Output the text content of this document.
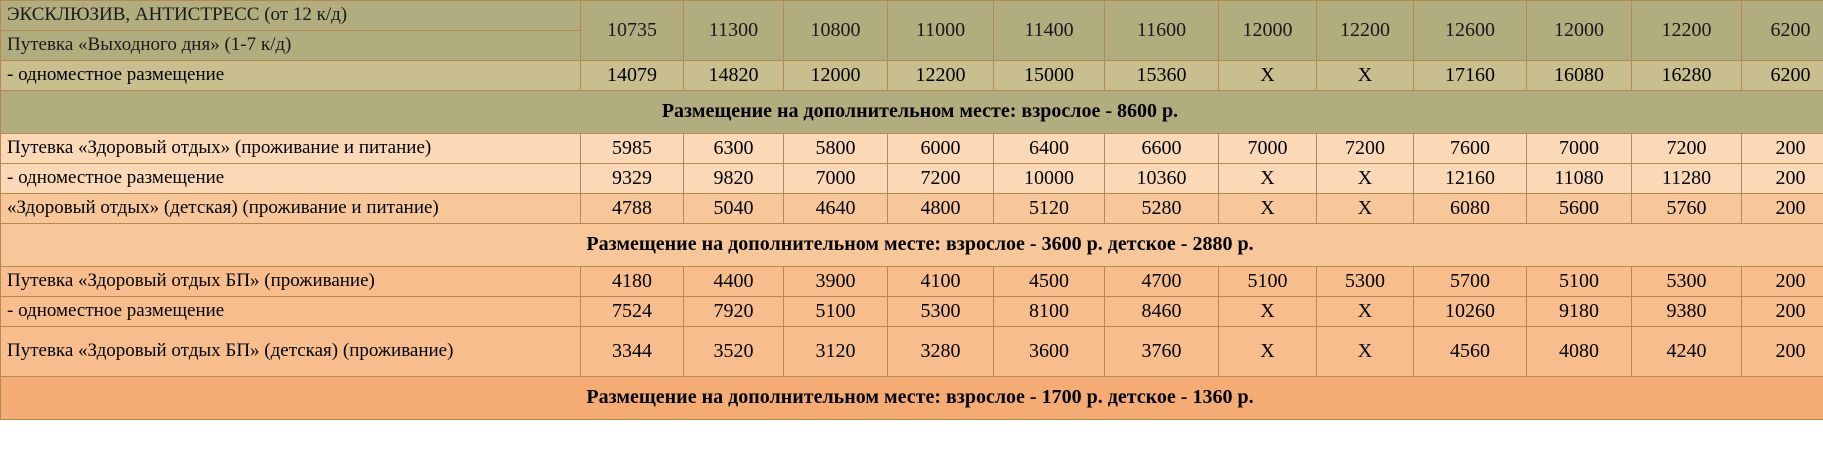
ЭКСКЛЮЗИВ, АНТИСТРЕСС (от 12 к/д)	10735	11300	10800	11000	11400	11600	12000	12200	12600	12000	12200	6200
Путевка «Выходного дня» (1-7 к/д)												
- одноместное размещение	14079	14820	12000	12200	15000	15360	X	X	17160	16080	16280	6200
Размещение на дополнительном месте: взрослое - 8600 р.												
Путевка «Здоровый отдых» (проживание и питание)	5985	6300	5800	6000	6400	6600	7000	7200	7600	7000	7200	200
- одноместное размещение	9329	9820	7000	7200	10000	10360	X	X	12160	11080	11280	200
«Здоровый отдых» (детская) (проживание и питание)	4788	5040	4640	4800	5120	5280	X	X	6080	5600	5760	200
Размещение на дополнительном месте: взрослое - 3600 р. детское - 2880 р.												
Путевка «Здоровый отдых БП» (проживание)	4180	4400	3900	4100	4500	4700	5100	5300	5700	5100	5300	200
- одноместное размещение	7524	7920	5100	5300	8100	8460	X	X	10260	9180	9380	200
Путевка «Здоровый отдых БП» (детская) (проживание)	3344	3520	3120	3280	3600	3760	X	X	4560	4080	4240	200
Размещение на дополнительном месте: взрослое - 1700 р. детское - 1360 р.												
